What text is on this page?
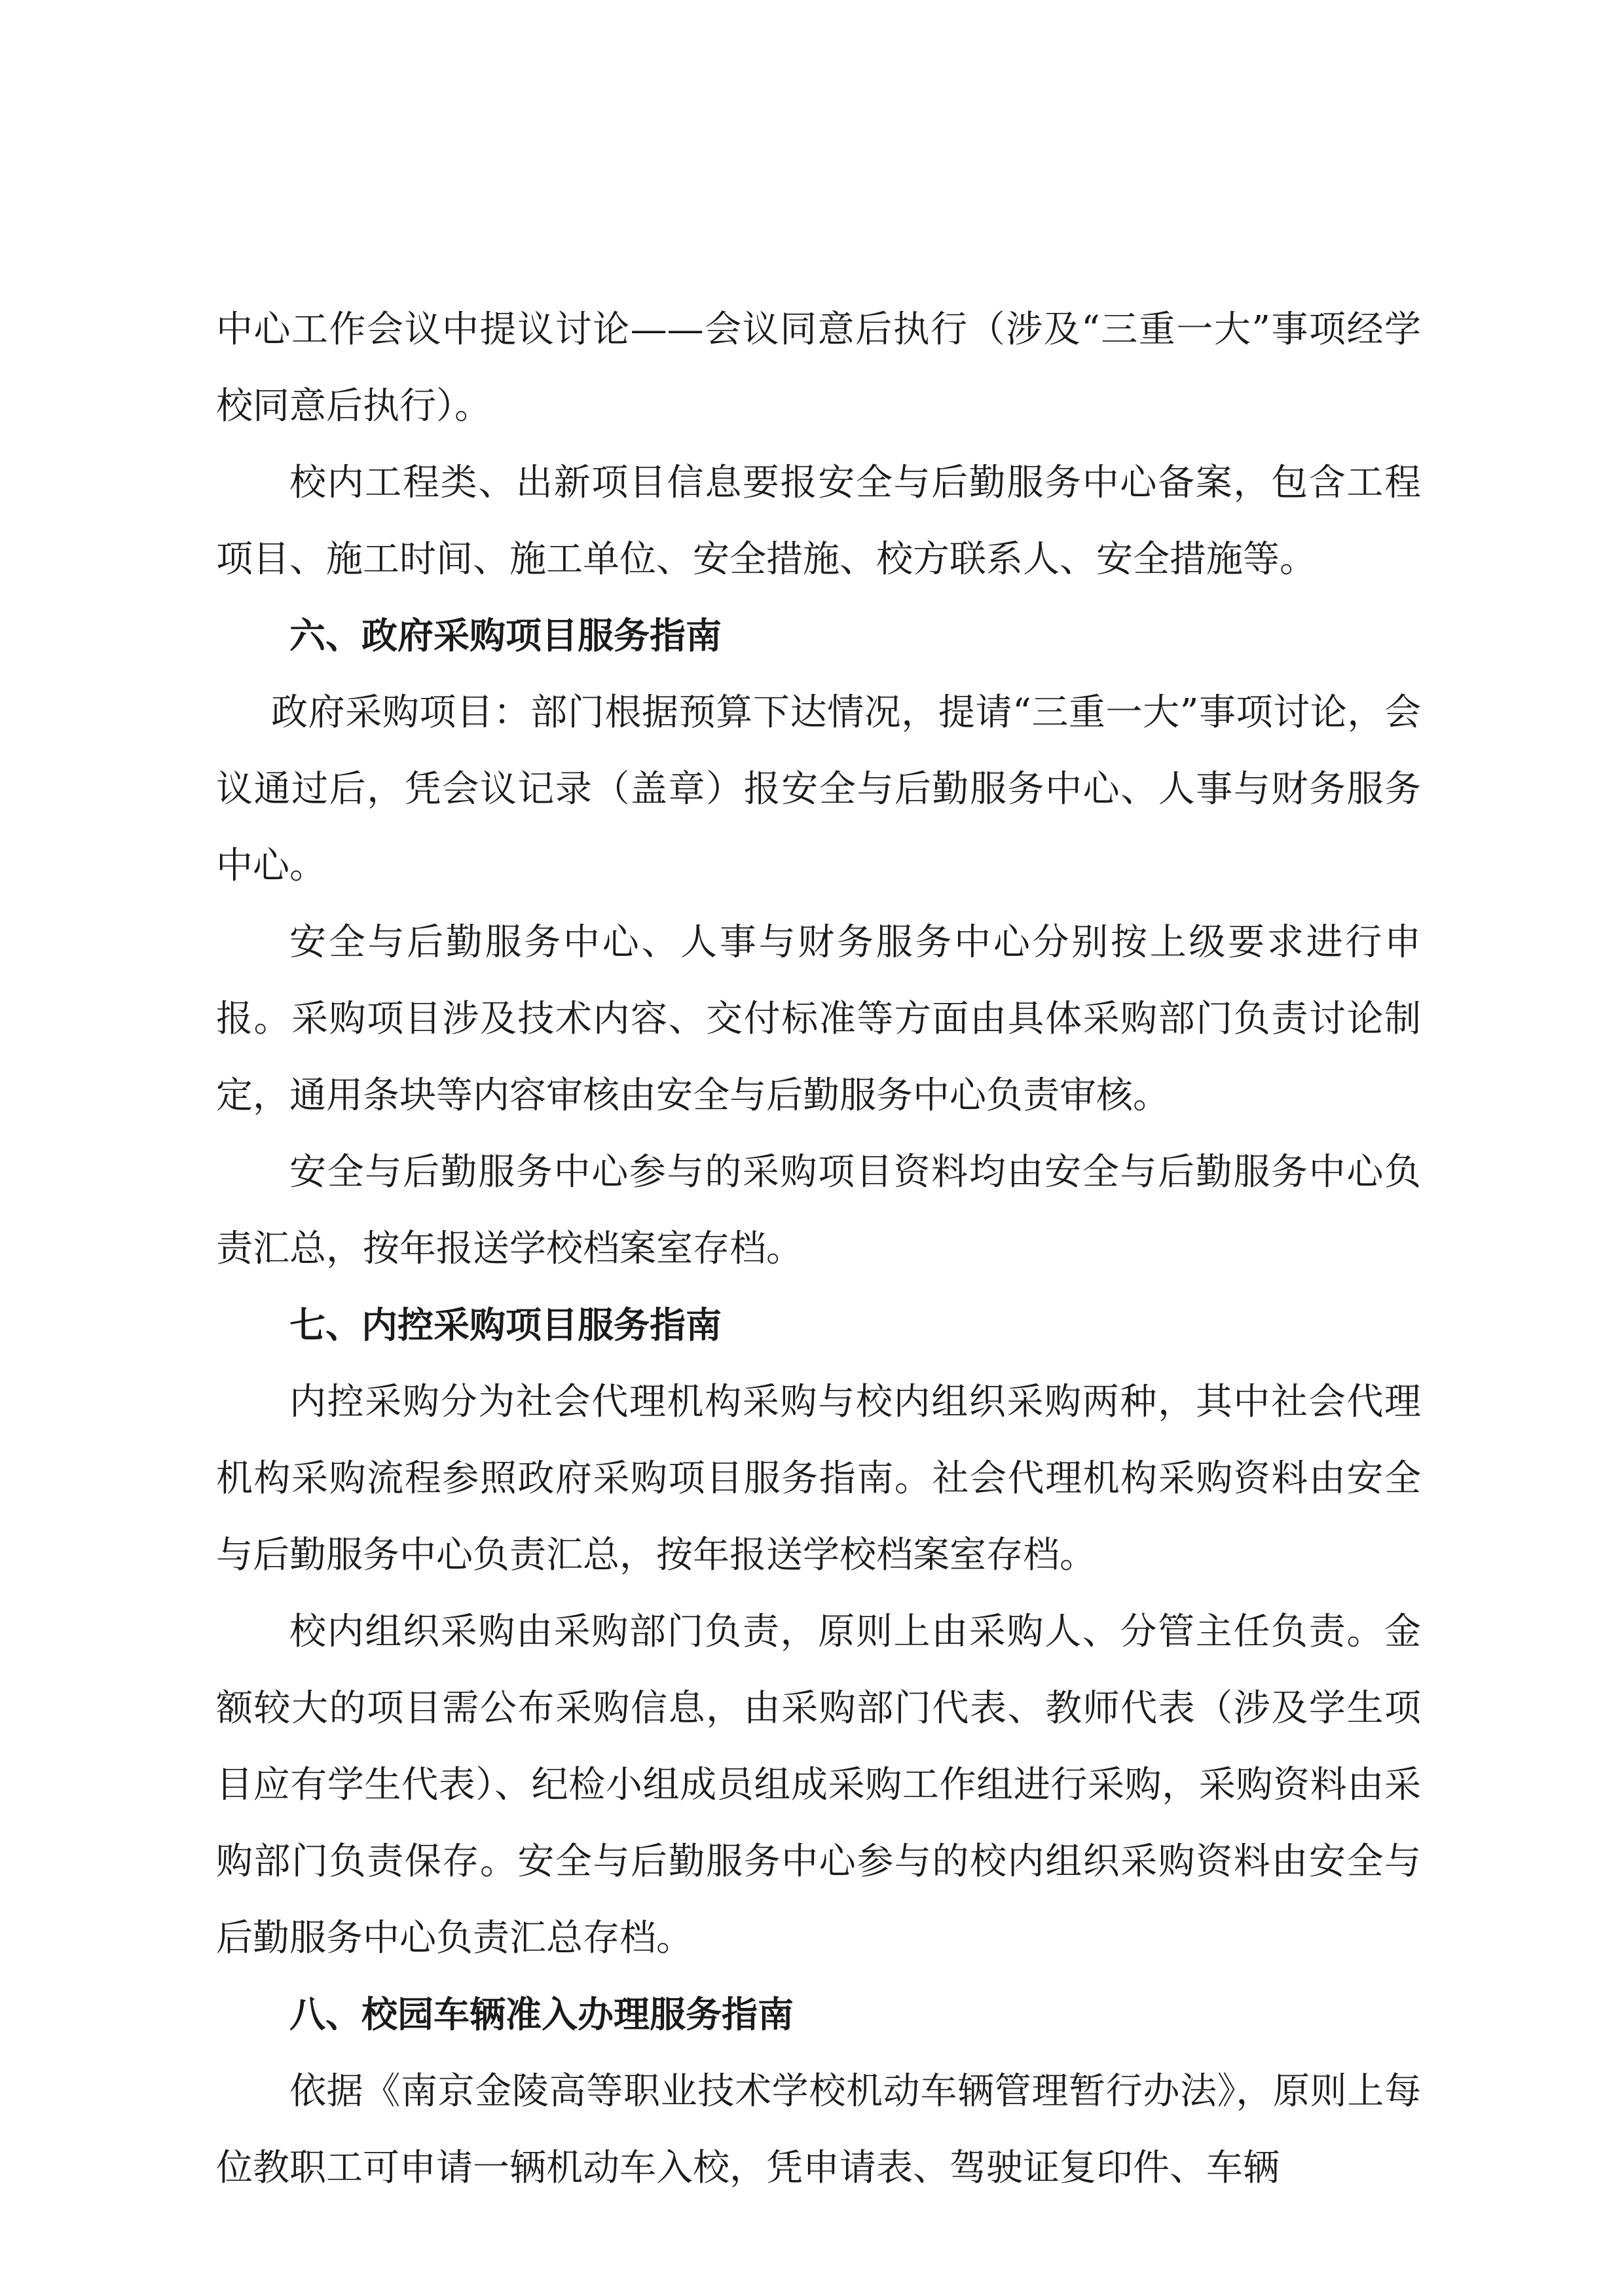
中心工作会议中提议讨论——会议同意后执行（涉及“三重一大”事项经学校同意后执行）。

校内工程类、出新项目信息要报安全与后勤服务中心备案，包含工程项目、施工时间、施工单位、安全措施、校方联系人、安全措施等。

六、政府采购项目服务指南

政府采购项目：部门根据预算下达情况，提请“三重一大”事项讨论，会议通过后，凭会议记录（盖章）报安全与后勤服务中心、人事与财务服务中心。

安全与后勤服务中心、人事与财务服务中心分别按上级要求进行申报。采购项目涉及技术内容、交付标准等方面由具体采购部门负责讨论制定，通用条块等内容审核由安全与后勤服务中心负责审核。

安全与后勤服务中心参与的采购项目资料均由安全与后勤服务中心负责汇总，按年报送学校档案室存档。

七、内控采购项目服务指南

内控采购分为社会代理机构采购与校内组织采购两种，其中社会代理机构采购流程参照政府采购项目服务指南。社会代理机构采购资料由安全与后勤服务中心负责汇总，按年报送学校档案室存档。

校内组织采购由采购部门负责，原则上由采购人、分管主任负责。金额较大的项目需公布采购信息，由采购部门代表、教师代表（涉及学生项目应有学生代表）、纪检小组成员组成采购工作组进行采购，采购资料由采购部门负责保存。安全与后勤服务中心参与的校内组织采购资料由安全与后勤服务中心负责汇总存档。

八、校园车辆准入办理服务指南

依据《南京金陵高等职业技术学校机动车辆管理暂行办法》，原则上每位教职工可申请一辆机动车入校，凭申请表、驾驶证复印件、车辆
